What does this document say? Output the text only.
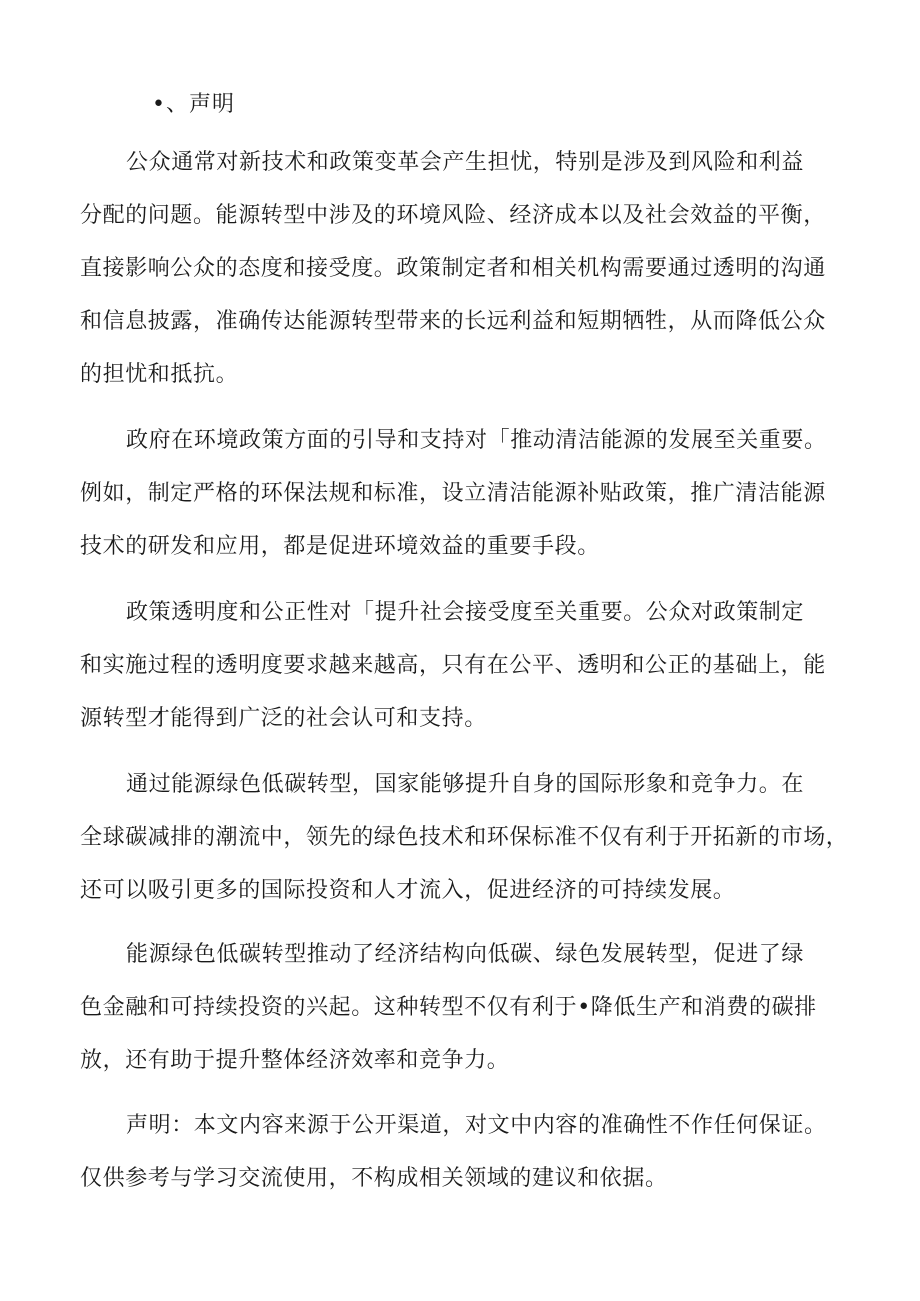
•、声明
公众通常对新技术和政策变革会产生担忧，特别是涉及到风险和利益
分配的问题。能源转型中涉及的环境风险、经济成本以及社会效益的平衡，
直接影响公众的态度和接受度。政策制定者和相关机构需要通过透明的沟通
和信息披露，准确传达能源转型带来的长远利益和短期牺牲，从而降低公众
的担忧和抵抗。
政府在环境政策方面的引导和支持对「推动清洁能源的发展至关重要。
例如，制定严格的环保法规和标准，设立清洁能源补贴政策，推广清洁能源
技术的研发和应用，都是促进环境效益的重要手段。
政策透明度和公正性对「提升社会接受度至关重要。公众对政策制定
和实施过程的透明度要求越来越高，只有在公平、透明和公正的基础上，能
源转型才能得到广泛的社会认可和支持。
通过能源绿色低碳转型，国家能够提升自身的国际形象和竞争力。在
全球碳减排的潮流中，领先的绿色技术和环保标准不仅有利于开拓新的市场，
还可以吸引更多的国际投资和人才流入，促进经济的可持续发展。
能源绿色低碳转型推动了经济结构向低碳、绿色发展转型，促进了绿
色金融和可持续投资的兴起。这种转型不仅有利于•降低生产和消费的碳排
放，还有助于提升整体经济效率和竞争力。
声明：本文内容来源于公开渠道，对文中内容的准确性不作任何保证。
仅供参考与学习交流使用，不构成相关领域的建议和依据。
